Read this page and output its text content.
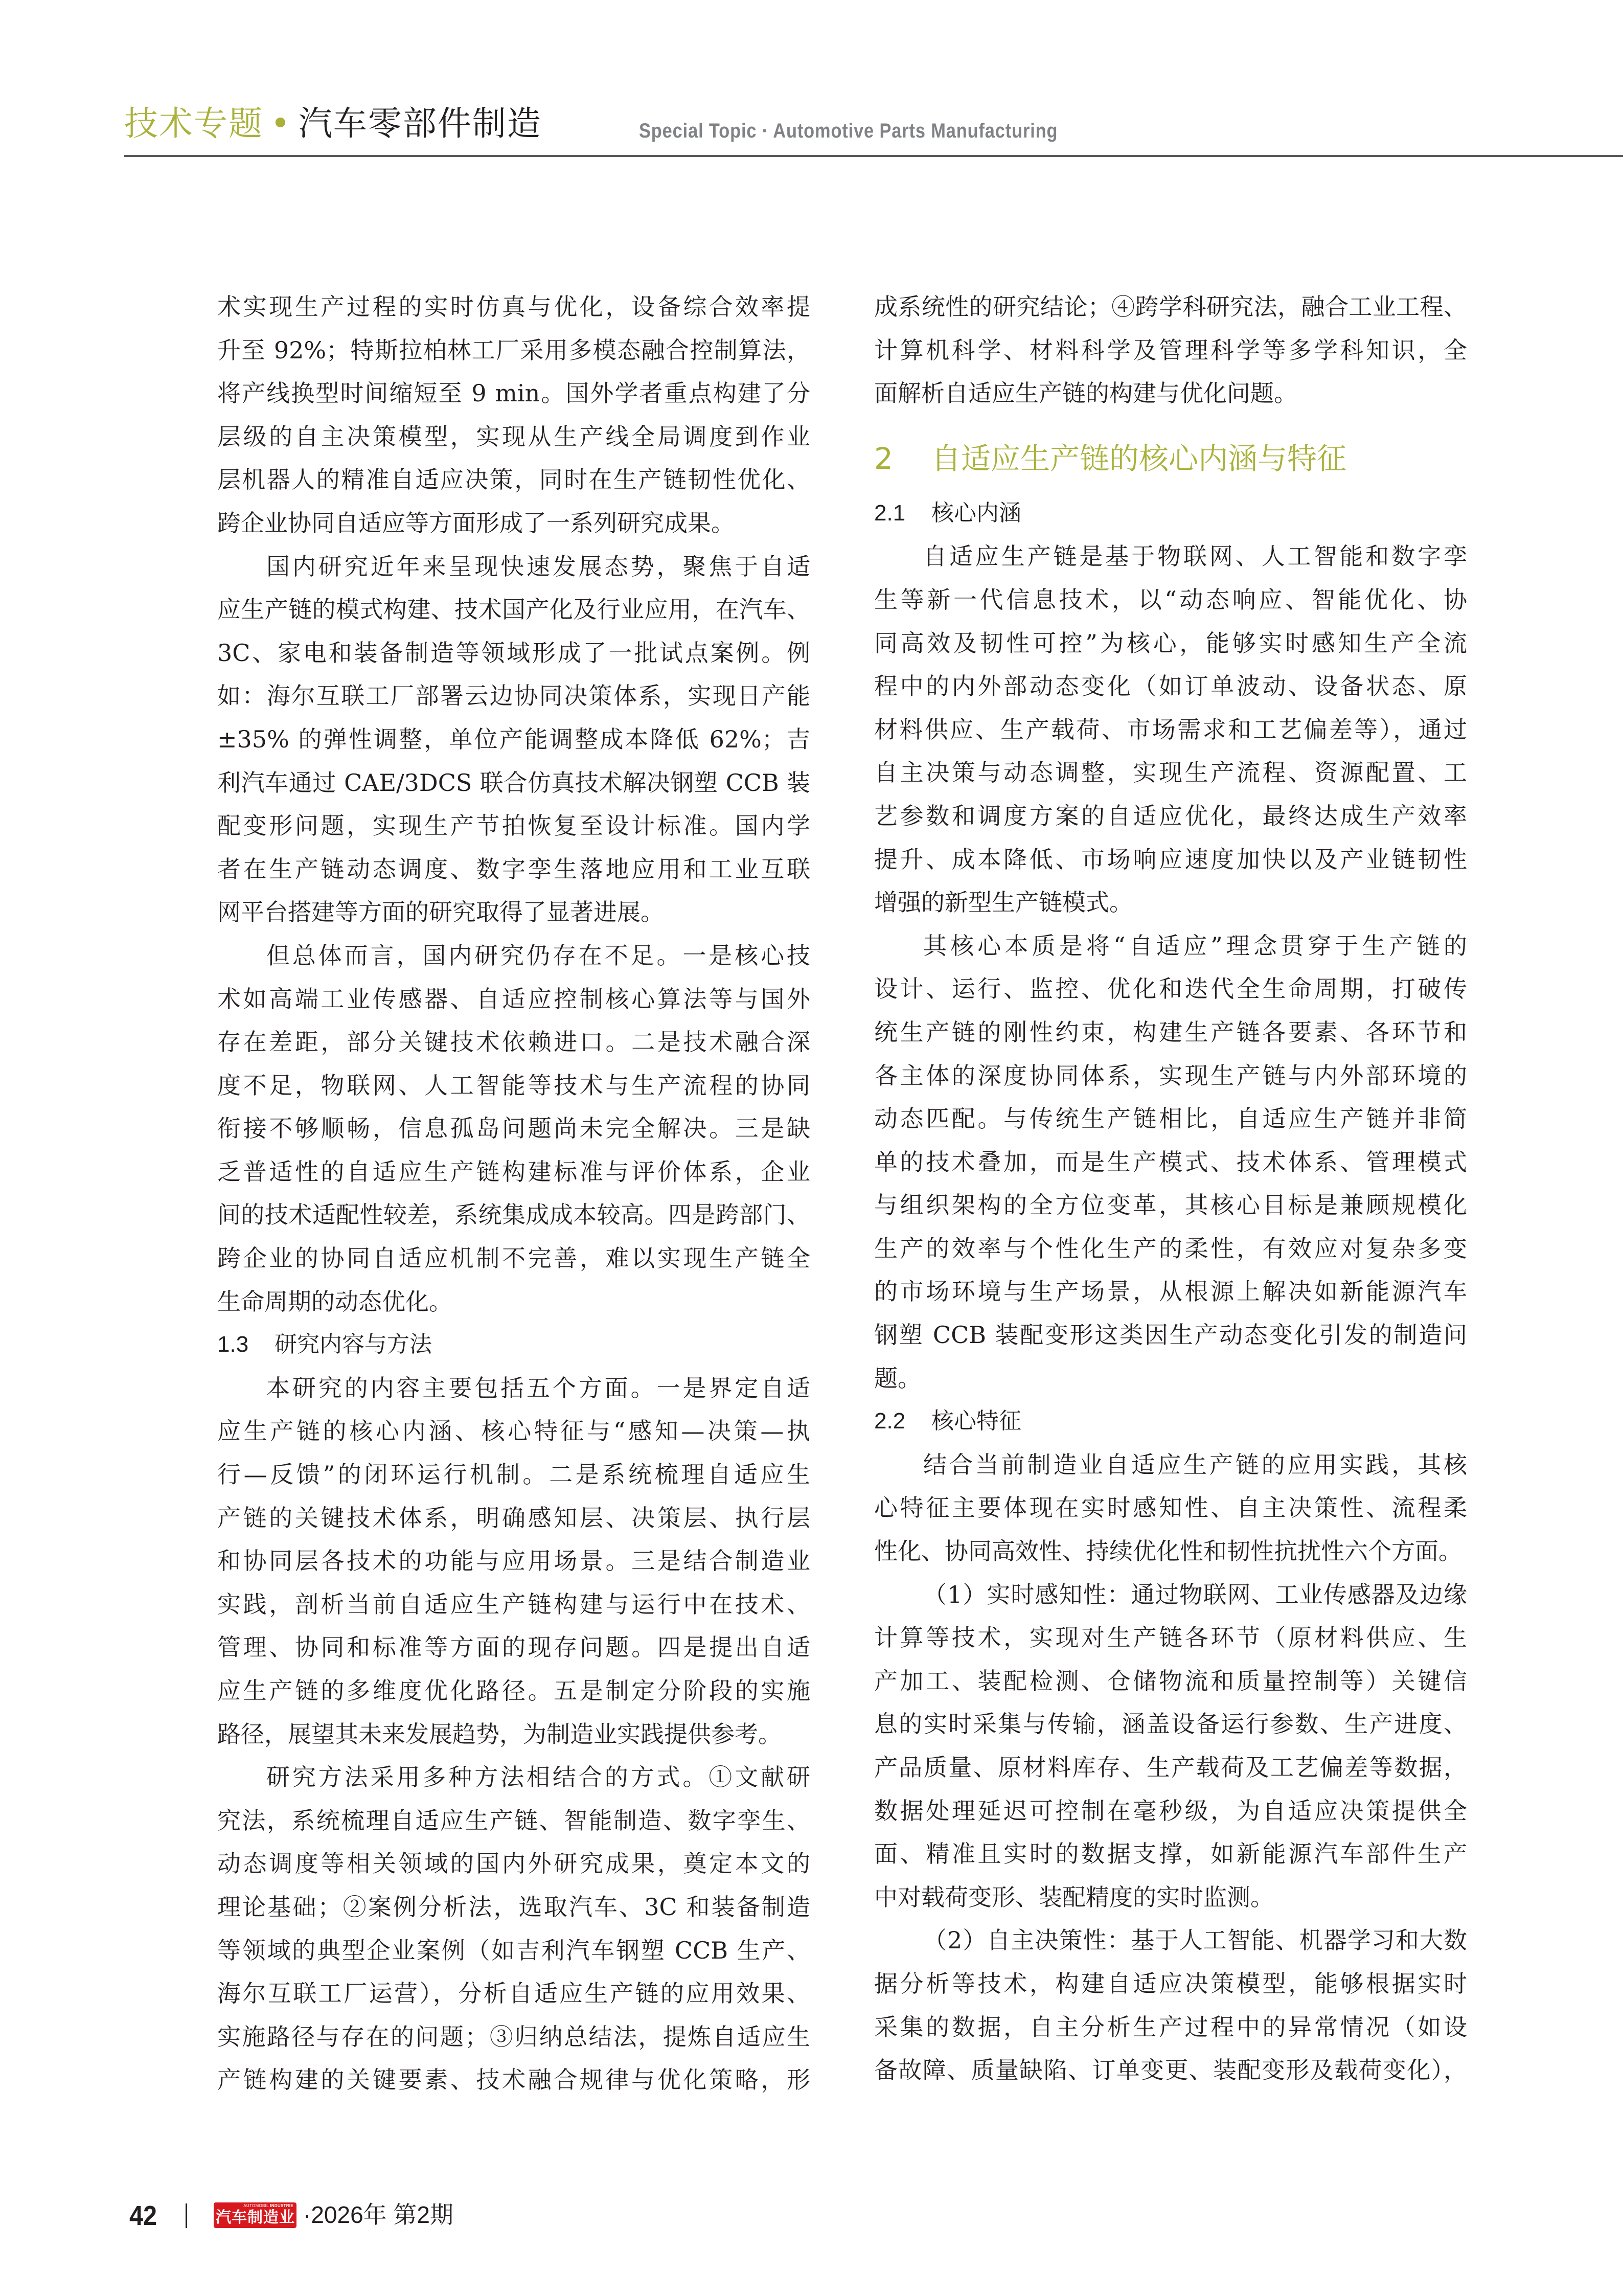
技术专题 • 汽车零部件制造	Special Topic · Automotive Parts Manufacturing
术实现生产过程的实时仿真与优化，设备综合效率提
升至 92%；特斯拉柏林工厂采用多模态融合控制算法，
将产线换型时间缩短至 9 min。国外学者重点构建了分
层级的自主决策模型，实现从生产线全局调度到作业
层机器人的精准自适应决策，同时在生产链韧性优化、
跨企业协同自适应等方面形成了一系列研究成果。
国内研究近年来呈现快速发展态势，聚焦于自适
应生产链的模式构建、技术国产化及行业应用，在汽车、
3C、家电和装备制造等领域形成了一批试点案例。例
如：海尔互联工厂部署云边协同决策体系，实现日产能
±35% 的弹性调整，单位产能调整成本降低 62%；吉
利汽车通过 CAE/3DCS 联合仿真技术解决钢塑 CCB 装
配变形问题，实现生产节拍恢复至设计标准。国内学
者在生产链动态调度、数字孪生落地应用和工业互联
网平台搭建等方面的研究取得了显著进展。
但总体而言，国内研究仍存在不足。一是核心技
术如高端工业传感器、自适应控制核心算法等与国外
存在差距，部分关键技术依赖进口。二是技术融合深
度不足，物联网、人工智能等技术与生产流程的协同
衔接不够顺畅，信息孤岛问题尚未完全解决。三是缺
乏普适性的自适应生产链构建标准与评价体系，企业
间的技术适配性较差，系统集成成本较高。四是跨部门、
跨企业的协同自适应机制不完善，难以实现生产链全
生命周期的动态优化。
1.3 研究内容与方法
本研究的内容主要包括五个方面。一是界定自适
应生产链的核心内涵、核心特征与“感知—决策—执
行—反馈”的闭环运行机制。二是系统梳理自适应生
产链的关键技术体系，明确感知层、决策层、执行层
和协同层各技术的功能与应用场景。三是结合制造业
实践，剖析当前自适应生产链构建与运行中在技术、
管理、协同和标准等方面的现存问题。四是提出自适
应生产链的多维度优化路径。五是制定分阶段的实施
路径，展望其未来发展趋势，为制造业实践提供参考。
研究方法采用多种方法相结合的方式。①文献研
究法，系统梳理自适应生产链、智能制造、数字孪生、
动态调度等相关领域的国内外研究成果，奠定本文的
理论基础；②案例分析法，选取汽车、3C 和装备制造
等领域的典型企业案例（如吉利汽车钢塑 CCB 生产、
海尔互联工厂运营），分析自适应生产链的应用效果、
实施路径与存在的问题；③归纳总结法，提炼自适应生
产链构建的关键要素、技术融合规律与优化策略，形
成系统性的研究结论；④跨学科研究法，融合工业工程、
计算机科学、材料科学及管理科学等多学科知识，全
面解析自适应生产链的构建与优化问题。
2 自适应生产链的核心内涵与特征
2.1 核心内涵
自适应生产链是基于物联网、人工智能和数字孪
生等新一代信息技术，以“动态响应、智能优化、协
同高效及韧性可控”为核心，能够实时感知生产全流
程中的内外部动态变化（如订单波动、设备状态、原
材料供应、生产载荷、市场需求和工艺偏差等），通过
自主决策与动态调整，实现生产流程、资源配置、工
艺参数和调度方案的自适应优化，最终达成生产效率
提升、成本降低、市场响应速度加快以及产业链韧性
增强的新型生产链模式。
其核心本质是将“自适应”理念贯穿于生产链的
设计、运行、监控、优化和迭代全生命周期，打破传
统生产链的刚性约束，构建生产链各要素、各环节和
各主体的深度协同体系，实现生产链与内外部环境的
动态匹配。与传统生产链相比，自适应生产链并非简
单的技术叠加，而是生产模式、技术体系、管理模式
与组织架构的全方位变革，其核心目标是兼顾规模化
生产的效率与个性化生产的柔性，有效应对复杂多变
的市场环境与生产场景，从根源上解决如新能源汽车
钢塑 CCB 装配变形这类因生产动态变化引发的制造问
题。
2.2 核心特征
结合当前制造业自适应生产链的应用实践，其核
心特征主要体现在实时感知性、自主决策性、流程柔
性化、协同高效性、持续优化性和韧性抗扰性六个方面。
（1）实时感知性：通过物联网、工业传感器及边缘
计算等技术，实现对生产链各环节（原材料供应、生
产加工、装配检测、仓储物流和质量控制等）关键信
息的实时采集与传输，涵盖设备运行参数、生产进度、
产品质量、原材料库存、生产载荷及工艺偏差等数据，
数据处理延迟可控制在毫秒级，为自适应决策提供全
面、精准且实时的数据支撑，如新能源汽车部件生产
中对载荷变形、装配精度的实时监测。
（2）自主决策性：基于人工智能、机器学习和大数
据分析等技术，构建自适应决策模型，能够根据实时
采集的数据，自主分析生产过程中的异常情况（如设
备故障、质量缺陷、订单变更、装配变形及载荷变化），
42	AUTOMOBIL INDUSTRIE
汽车制造业 ·2026年 第2期
